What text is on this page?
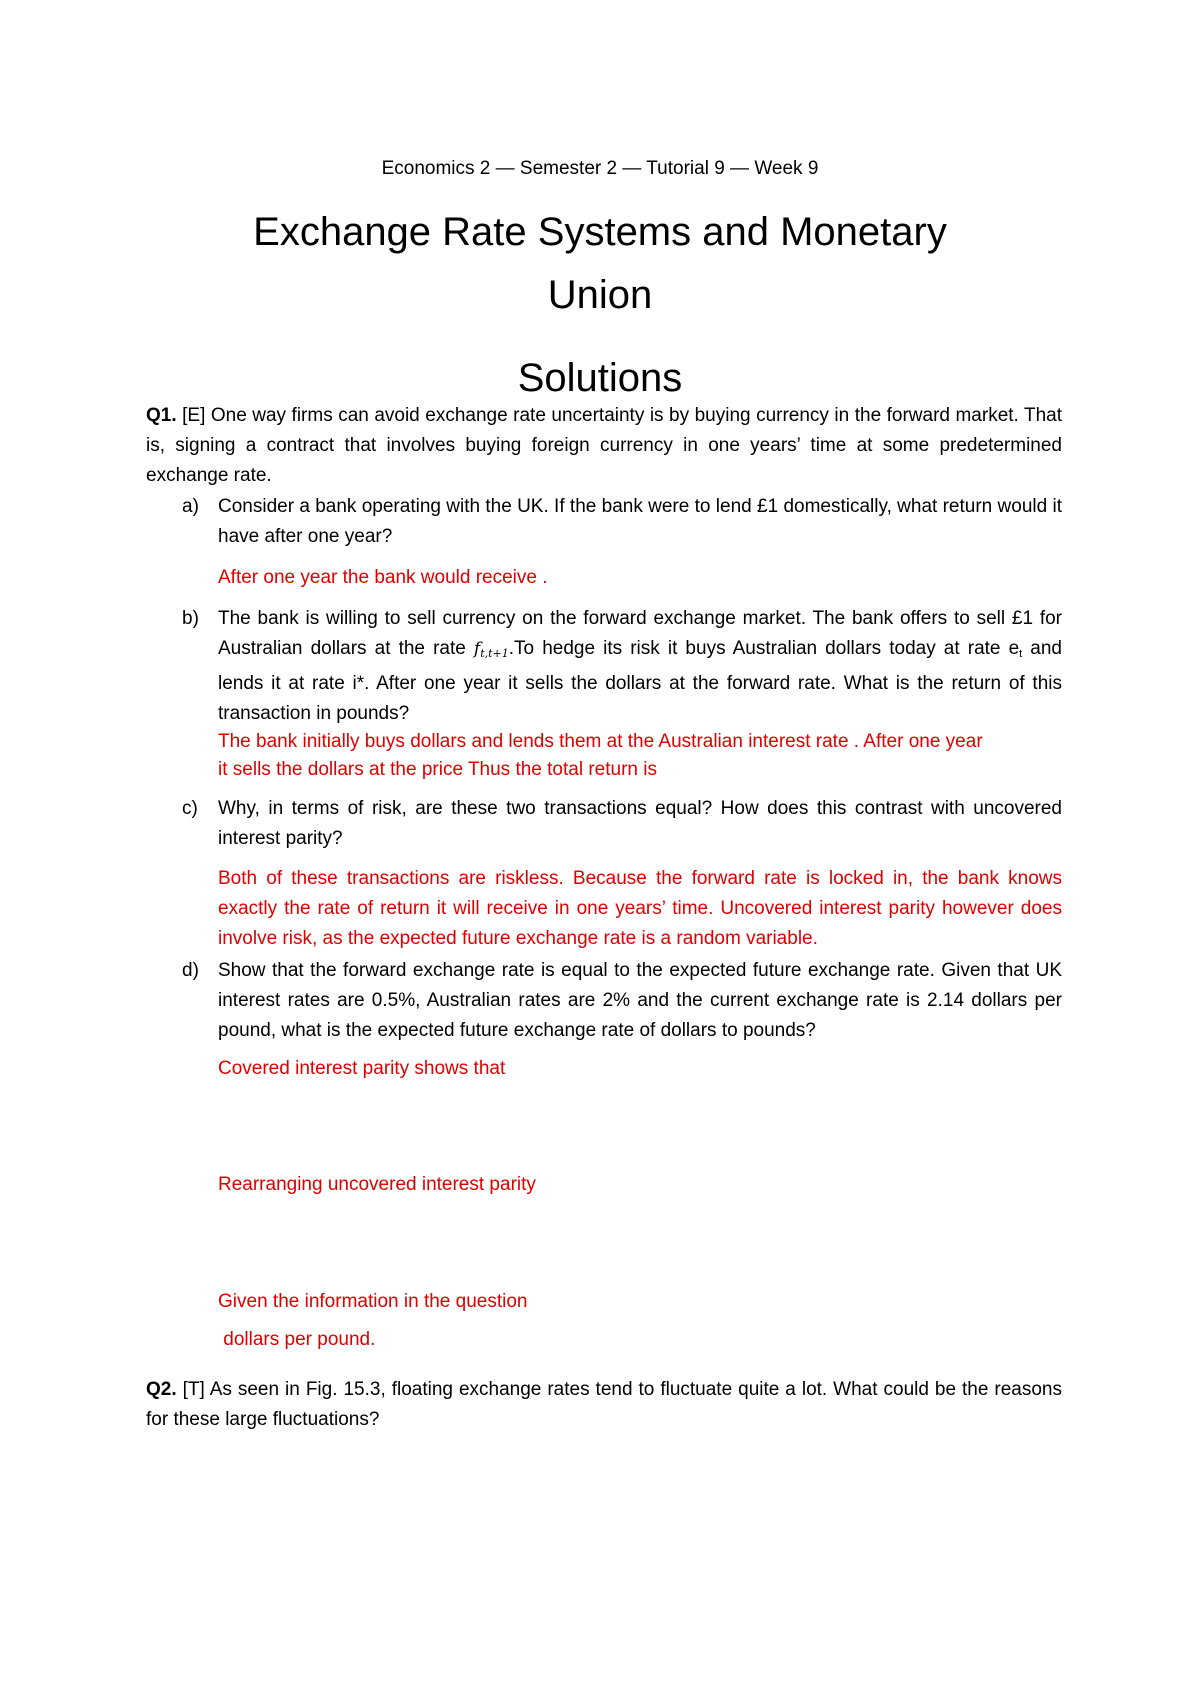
Economics 2 — Semester 2 — Tutorial 9 — Week 9
Exchange Rate Systems and Monetary
Union
Solutions
Q1. [E] One way firms can avoid exchange rate uncertainty is by buying currency in the forward market. That is, signing a contract that involves buying foreign currency in one years’ time at some predetermined exchange rate.
a) Consider a bank operating with the UK. If the bank were to lend £1 domestically, what return would it have after one year?
After one year the bank would receive .
b) The bank is willing to sell currency on the forward exchange market. The bank offers to sell £1 for Australian dollars at the rate $f_{t,t+1}.To$ hedge its risk it buys Australian dollars today at rate $e_t$ and lends it at rate i*. After one year it sells the dollars at the forward rate. What is the return of this transaction in pounds?
The bank initially buys dollars and lends them at the Australian interest rate . After one year
it sells the dollars at the price Thus the total return is
c) Why, in terms of risk, are these two transactions equal? How does this contrast with uncovered interest parity?
Both of these transactions are riskless. Because the forward rate is locked in, the bank knows exactly the rate of return it will receive in one years’ time. Uncovered interest parity however does involve risk, as the expected future exchange rate is a random variable.
d) Show that the forward exchange rate is equal to the expected future exchange rate. Given that UK interest rates are 0.5%, Australian rates are 2% and the current exchange rate is 2.14 dollars per pound, what is the expected future exchange rate of dollars to pounds?
Covered interest parity shows that
Rearranging uncovered interest parity
Given the information in the question
dollars per pound.
Q2. [T] As seen in Fig. 15.3, floating exchange rates tend to fluctuate quite a lot. What could be the reasons for these large fluctuations?
